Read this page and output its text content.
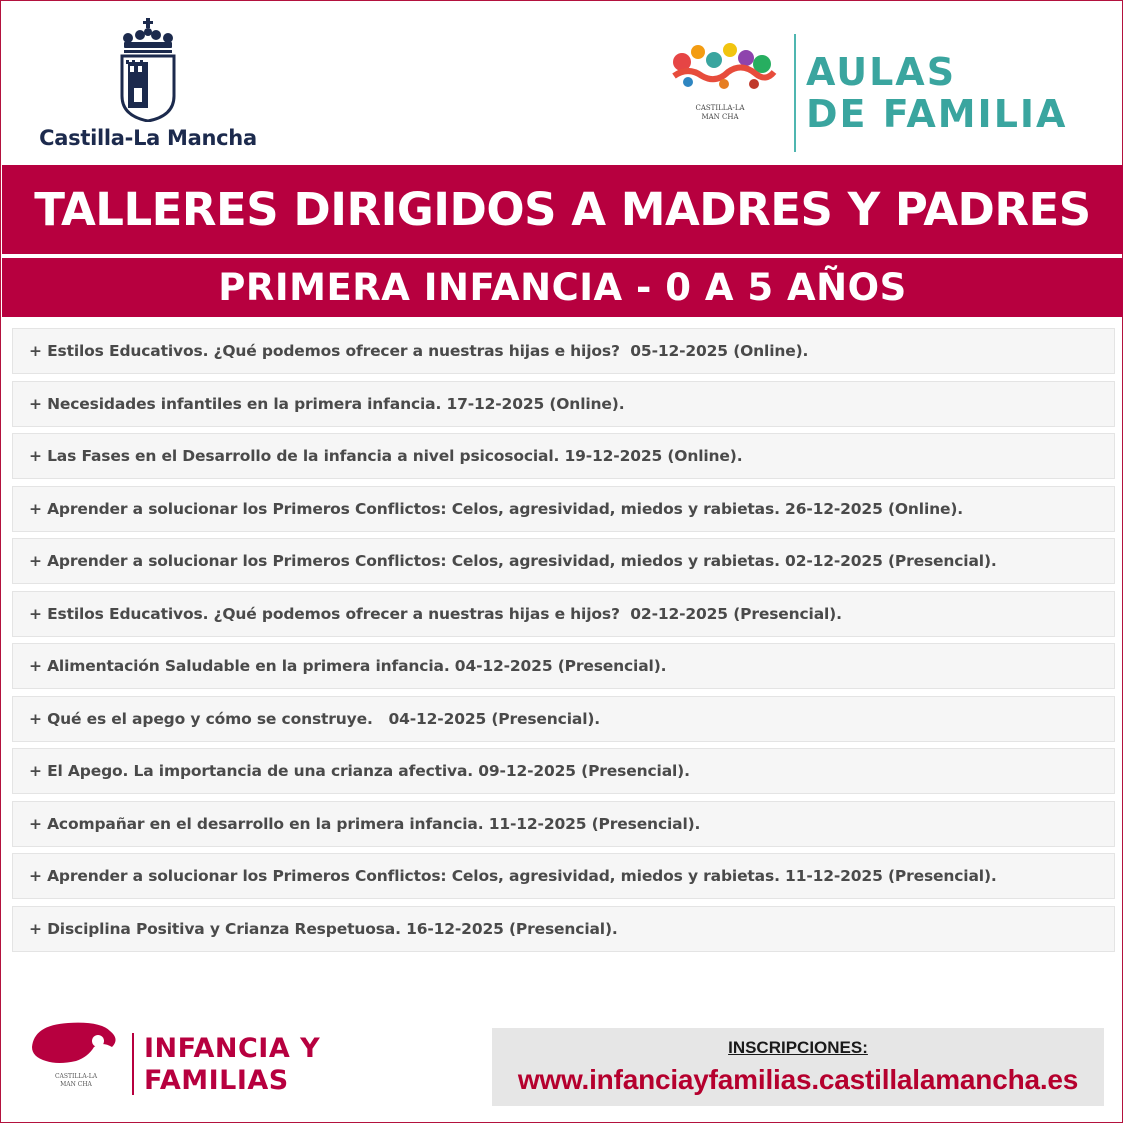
Castilla-La Mancha
CASTILLA-LA MAN CHA
AULAS
DE FAMILIA
TALLERES DIRIGIDOS A MADRES Y PADRES
PRIMERA INFANCIA - 0 A 5 AÑOS
+ Estilos Educativos. ¿Qué podemos ofrecer a nuestras hijas e hijos?  05-12-2025 (Online).
+ Necesidades infantiles en la primera infancia. 17-12-2025 (Online).
+ Las Fases en el Desarrollo de la infancia a nivel psicosocial. 19-12-2025 (Online).
+ Aprender a solucionar los Primeros Conflictos: Celos, agresividad, miedos y rabietas. 26-12-2025 (Online).
+ Aprender a solucionar los Primeros Conflictos: Celos, agresividad, miedos y rabietas. 02-12-2025 (Presencial).
+ Estilos Educativos. ¿Qué podemos ofrecer a nuestras hijas e hijos?  02-12-2025 (Presencial).
+ Alimentación Saludable en la primera infancia. 04-12-2025 (Presencial).
+ Qué es el apego y cómo se construye.   04-12-2025 (Presencial).
+ El Apego. La importancia de una crianza afectiva. 09-12-2025 (Presencial).
+ Acompañar en el desarrollo en la primera infancia. 11-12-2025 (Presencial).
+ Aprender a solucionar los Primeros Conflictos: Celos, agresividad, miedos y rabietas. 11-12-2025 (Presencial).
+ Disciplina Positiva y Crianza Respetuosa. 16-12-2025 (Presencial).
CASTILLA-LA MAN CHA
INFANCIA Y
FAMILIAS
INSCRIPCIONES:
www.infanciayfamilias.castillalamancha.es
